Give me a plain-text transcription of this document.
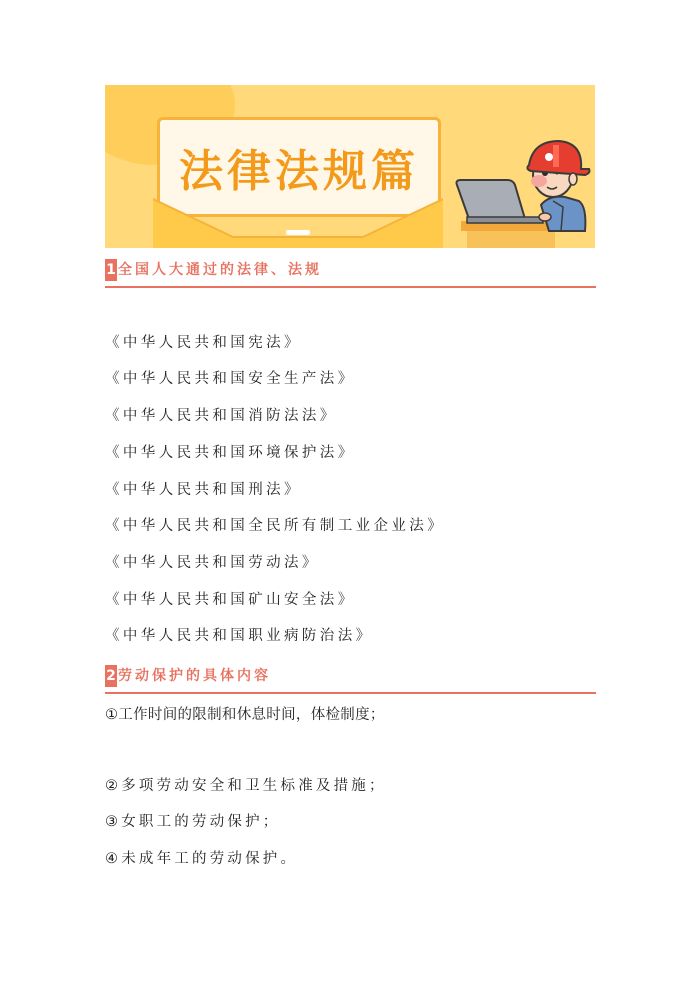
法律法规篇
1 全国人大通过的法律、法规
《中华人民共和国宪法》
《中华人民共和国安全生产法》
《中华人民共和国消防法法》
《中华人民共和国环境保护法》
《中华人民共和国刑法》
《中华人民共和国全民所有制工业企业法》
《中华人民共和国劳动法》
《中华人民共和国矿山安全法》
《中华人民共和国职业病防治法》
2 劳动保护的具体内容
①工作时间的限制和休息时间，体检制度；
②多项劳动安全和卫生标准及措施；
③女职工的劳动保护；
④未成年工的劳动保护。
